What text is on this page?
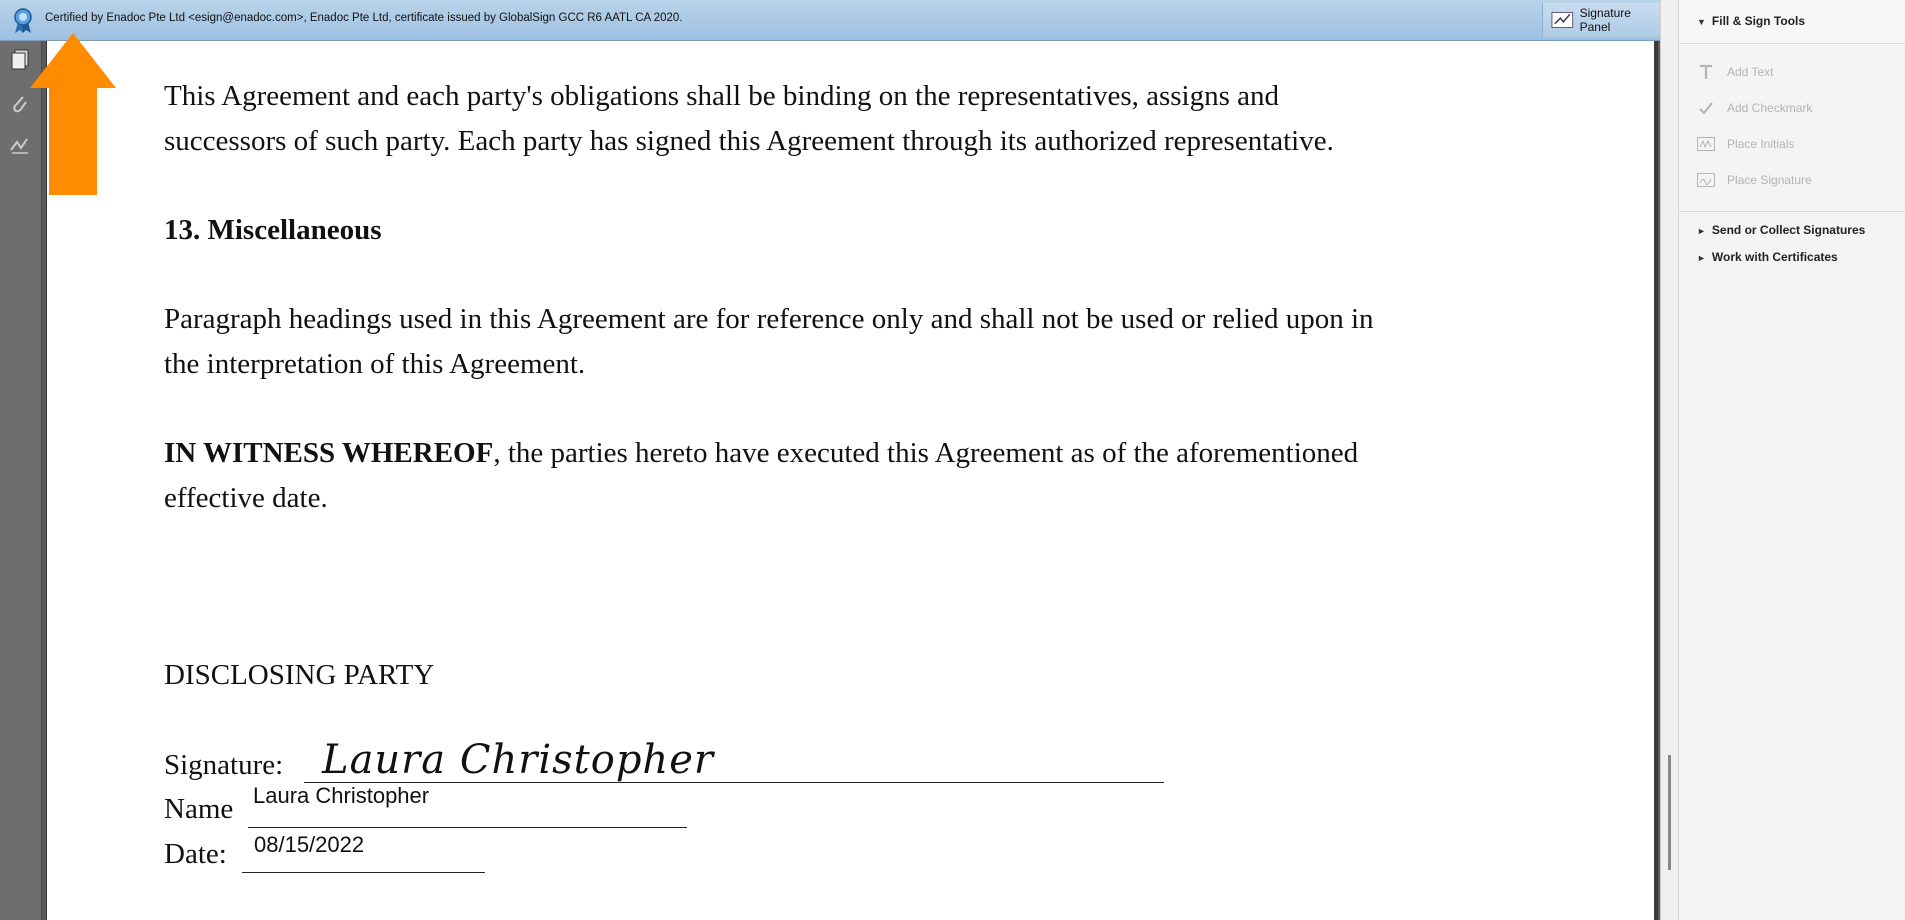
Certified by Enadoc Pte Ltd <esign@enadoc.com>, Enadoc Pte Ltd, certificate issued by GlobalSign GCC R6 AATL CA 2020.	Signature Panel
This Agreement and each party's obligations shall be binding on the representatives, assigns and
successors of such party. Each party has signed this Agreement through its authorized representative.
13. Miscellaneous
Paragraph headings used in this Agreement are for reference only and shall not be used or relied upon in
the interpretation of this Agreement.
IN WITNESS WHEREOF, the parties hereto have executed this Agreement as of the aforementioned
effective date.
DISCLOSING PARTY
Signature: Laura Christopher
Name Laura Christopher
Date: 08/15/2022
▼ Fill & Sign Tools
Add Text
Add Checkmark
Place Initials
Place Signature
► Send or Collect Signatures
► Work with Certificates
